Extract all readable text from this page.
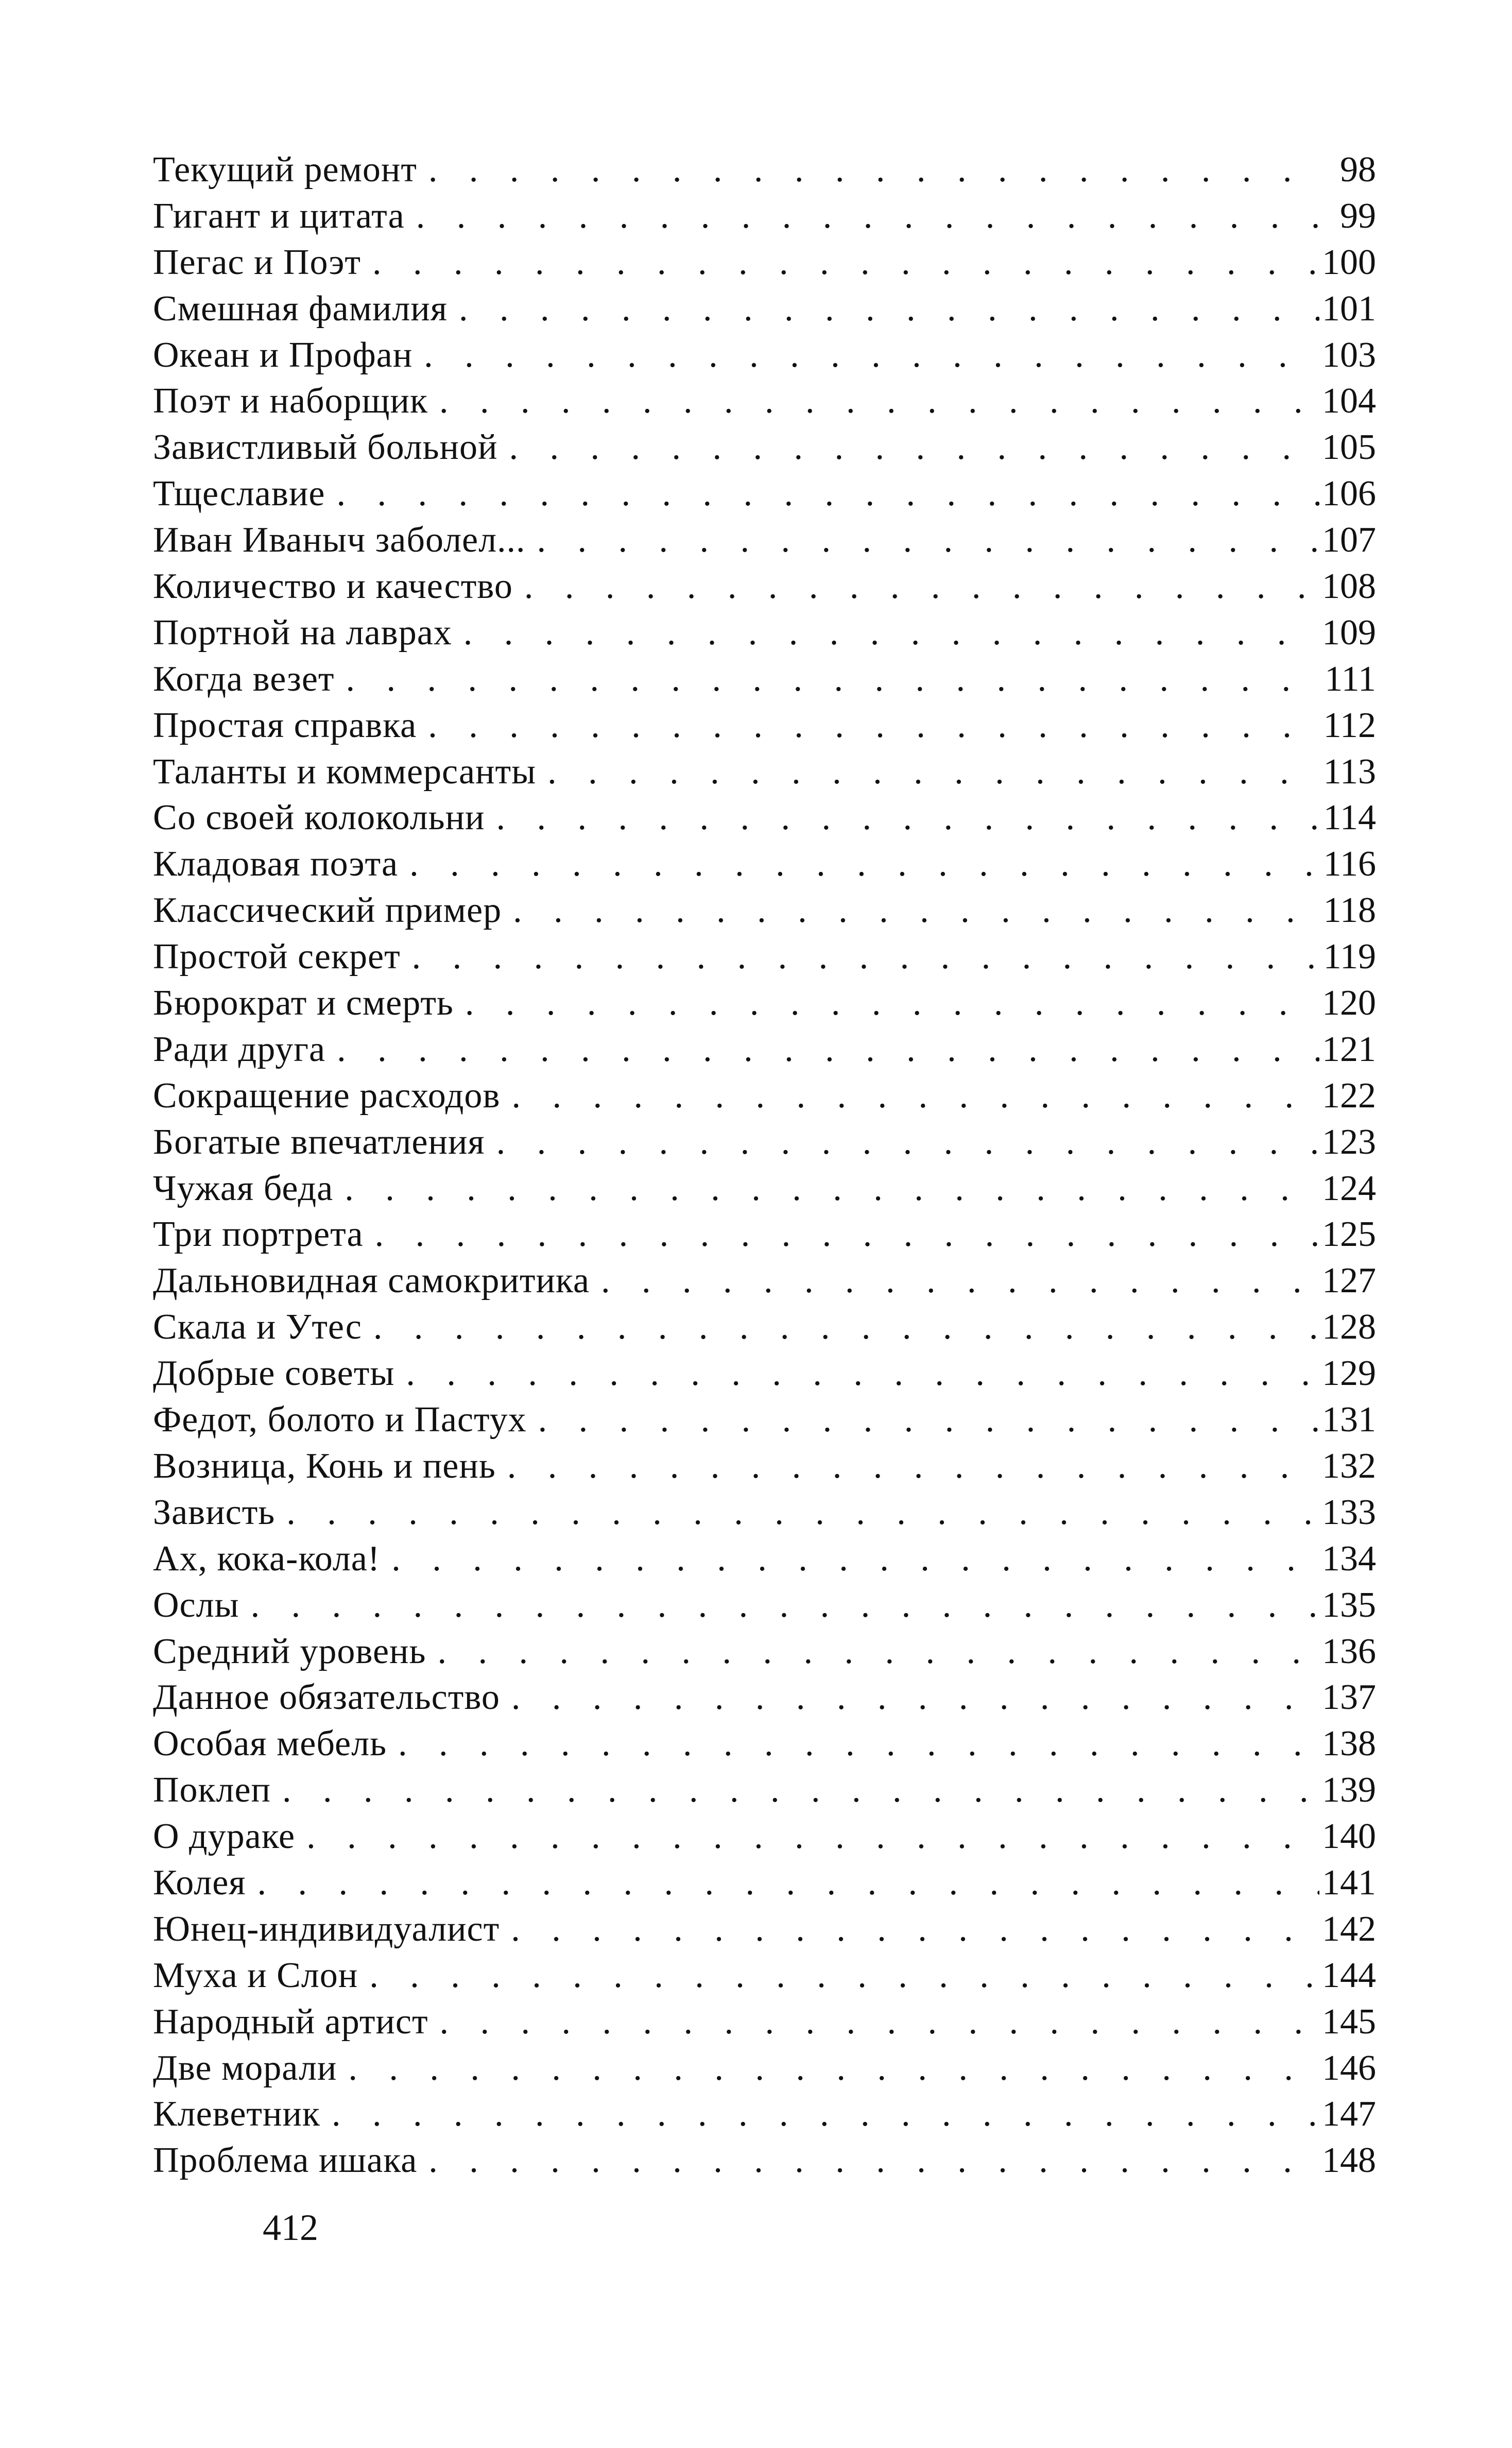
Текущий ремонт . . .	98
Гигант и цитата . . .	99
Пегас и Поэт . . .	100
Смешная фамилия . . .	101
Океан и Профан . . .	103
Поэт и наборщик . . .	104
Завистливый больной . . .	105
Тщеславие . . .	106
Иван Иваныч заболел... . . .	107
Количество и качество . . .	108
Портной на лаврах . . .	109
Когда везет . . .	111
Простая справка . . .	112
Таланты и коммерсанты . . .	113
Со своей колокольни . . .	114
Кладовая поэта . . .	116
Классический пример . . .	118
Простой секрет . . .	119
Бюрократ и смерть . . .	120
Ради друга . . .	121
Сокращение расходов . . .	122
Богатые впечатления . . .	123
Чужая беда . . .	124
Три портрета . . .	125
Дальновидная самокритика . . .	127
Скала и Утес . . .	128
Добрые советы . . .	129
Федот, болото и Пастух . . .	131
Возница, Конь и пень . . .	132
Зависть . . .	133
Ах, кока-кола! . . .	134
Ослы . . .	135
Средний уровень . . .	136
Данное обязательство . . .	137
Особая мебель . . .	138
Поклеп . . .	139
О дураке . . .	140
Колея . . .	141
Юнец-индивидуалист . . .	142
Муха и Слон . . .	144
Народный артист . . .	145
Две морали . . .	146
Клеветник . . .	147
Проблема ишака . . .	148
412
